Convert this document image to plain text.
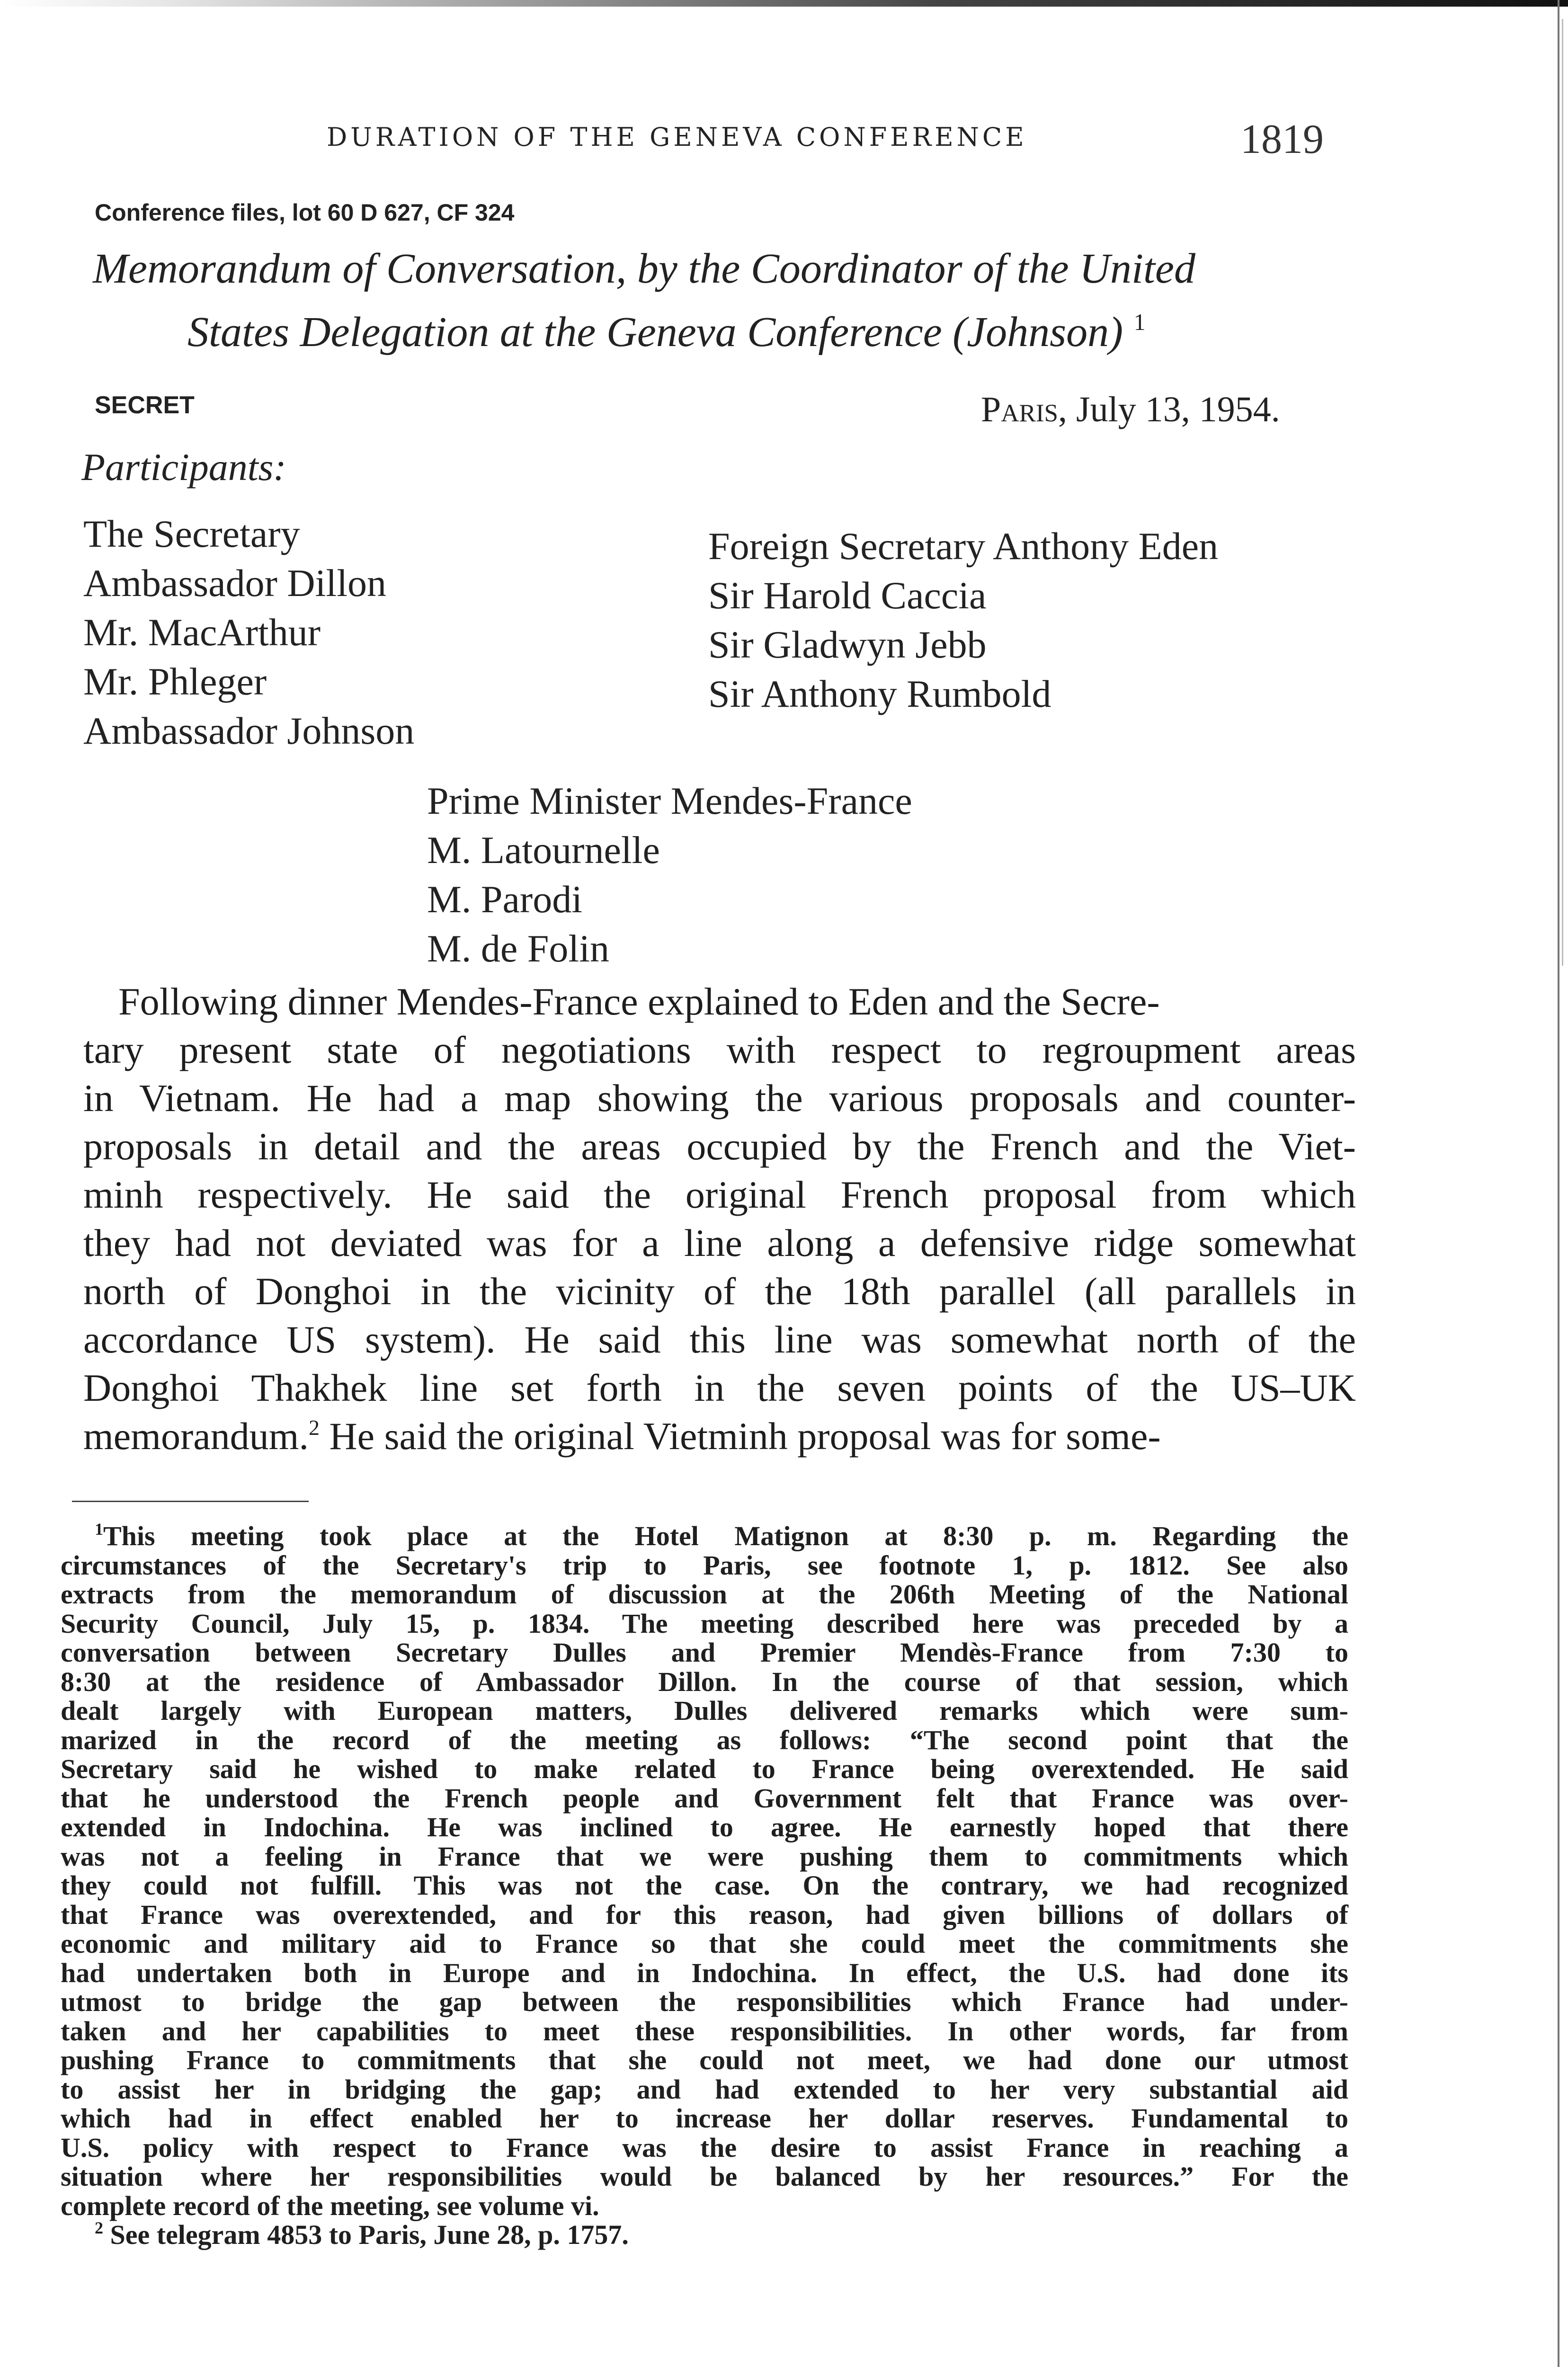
DURATION OF THE GENEVA CONFERENCE	1819
Conference files, lot 60 D 627, CF 324
Memorandum of Conversation, by the Coordinator of the United
States Delegation at the Geneva Conference (Johnson) $^1$
SECRET	Paris, July 13, 1954.
Participants:
The Secretary
Ambassador Dillon
Mr. MacArthur
Mr. Phleger
Ambassador Johnson
Foreign Secretary Anthony Eden
Sir Harold Caccia
Sir Gladwyn Jebb
Sir Anthony Rumbold
Prime Minister Mendes-France
M. Latournelle
M. Parodi
M. de Folin
Following dinner Mendes-France explained to Eden and the Secre-
tary present state of negotiations with respect to regroupment areas
in Vietnam. He had a map showing the various proposals and counter-
proposals in detail and the areas occupied by the French and the Viet-
minh respectively. He said the original French proposal from which
they had not deviated was for a line along a defensive ridge somewhat
north of Donghoi in the vicinity of the 18th parallel (all parallels in
accordance US system). He said this line was somewhat north of the
Donghoi Thakhek line set forth in the seven points of the US–UK
memorandum.$^2$ He said the original Vietminh proposal was for some-
$^1$This meeting took place at the Hotel Matignon at 8:30 p. m. Regarding the
circumstances of the Secretary's trip to Paris, see footnote 1, p. 1812. See also
extracts from the memorandum of discussion at the 206th Meeting of the National
Security Council, July 15, p. 1834. The meeting described here was preceded by a
conversation between Secretary Dulles and Premier Mendès-France from 7:30 to
8:30 at the residence of Ambassador Dillon. In the course of that session, which
dealt largely with European matters, Dulles delivered remarks which were sum-
marized in the record of the meeting as follows: “The second point that the
Secretary said he wished to make related to France being overextended. He said
that he understood the French people and Government felt that France was over-
extended in Indochina. He was inclined to agree. He earnestly hoped that there
was not a feeling in France that we were pushing them to commitments which
they could not fulfill. This was not the case. On the contrary, we had recognized
that France was overextended, and for this reason, had given billions of dollars of
economic and military aid to France so that she could meet the commitments she
had undertaken both in Europe and in Indochina. In effect, the U.S. had done its
utmost to bridge the gap between the responsibilities which France had under-
taken and her capabilities to meet these responsibilities. In other words, far from
pushing France to commitments that she could not meet, we had done our utmost
to assist her in bridging the gap; and had extended to her very substantial aid
which had in effect enabled her to increase her dollar reserves. Fundamental to
U.S. policy with respect to France was the desire to assist France in reaching a
situation where her responsibilities would be balanced by her resources.” For the
complete record of the meeting, see volume vi.
$^2$ See telegram 4853 to Paris, June 28, p. 1757.
